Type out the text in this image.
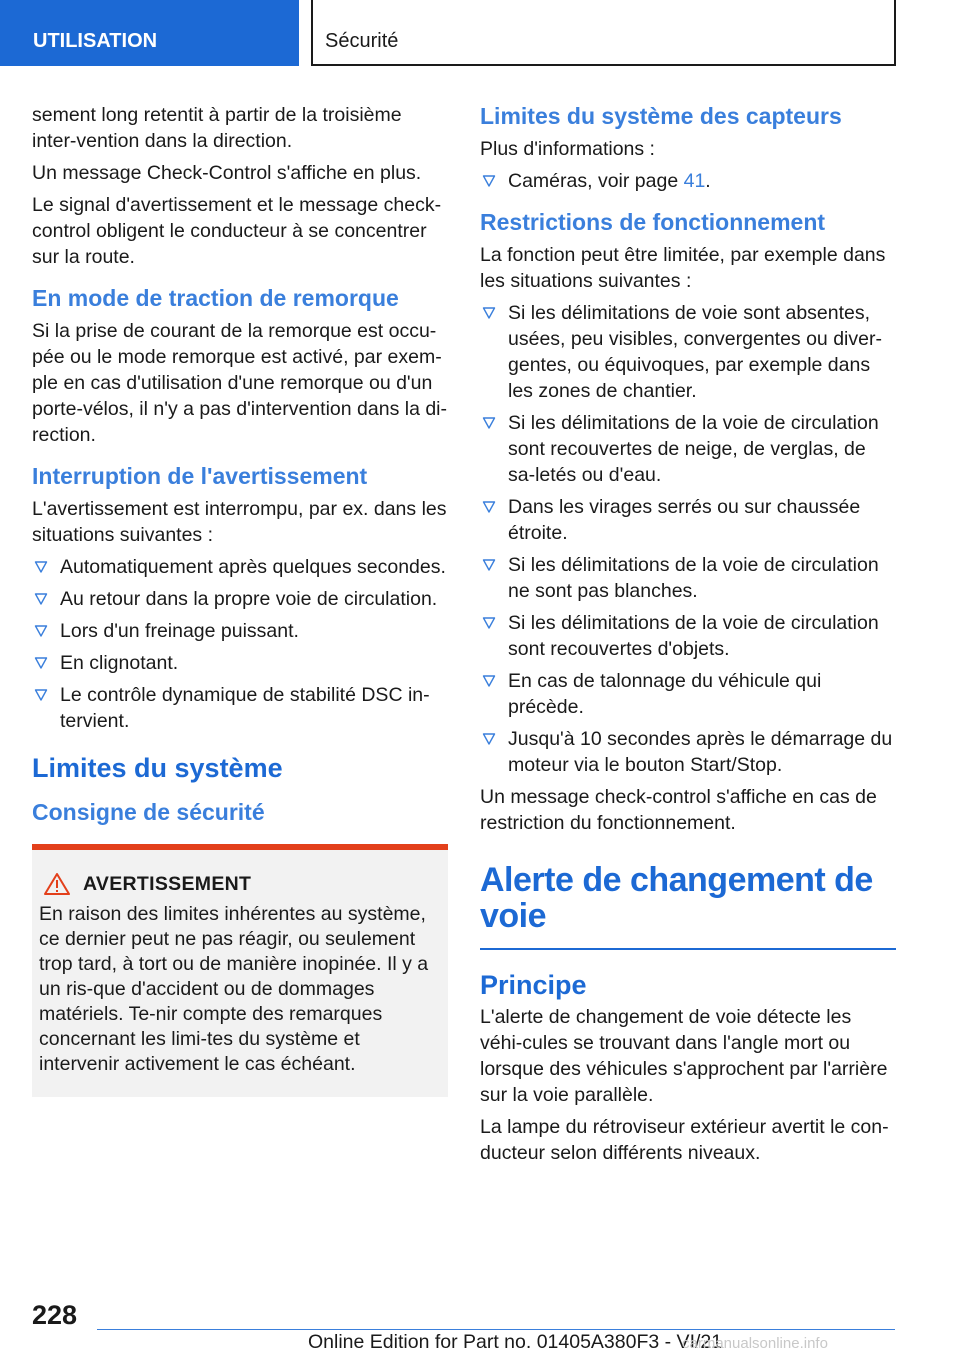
UTILISATION	Sécurité

sement long retentit à partir de la troisième inter-vention dans la direction.

Un message Check-Control s'affiche en plus.

Le signal d'avertissement et le message check-control obligent le conducteur à se concentrer sur la route.

En mode de traction de remorque

Si la prise de courant de la remorque est occu-pée ou le mode remorque est activé, par exem-ple en cas d'utilisation d'une remorque ou d'un porte-vélos, il n'y a pas d'intervention dans la di-rection.

Interruption de l'avertissement

L'avertissement est interrompu, par ex. dans les situations suivantes :

Automatiquement après quelques secondes.
Au retour dans la propre voie de circulation.
Lors d'un freinage puissant.
En clignotant.
Le contrôle dynamique de stabilité DSC in-tervient.
Limites du système
Consigne de sécurité
AVERTISSEMENT

En raison des limites inhérentes au système, ce dernier peut ne pas réagir, ou seulement trop tard, à tort ou de manière inopinée. Il y a un ris-que d'accident ou de dommages matériels. Te-nir compte des remarques concernant les limi-tes du système et intervenir activement le cas échéant.

Limites du système des capteurs

Plus d'informations :

Caméras, voir page 41.
Restrictions de fonctionnement

La fonction peut être limitée, par exemple dans les situations suivantes :

Si les délimitations de voie sont absentes, usées, peu visibles, convergentes ou diver-gentes, ou équivoques, par exemple dans les zones de chantier.
Si les délimitations de la voie de circulation sont recouvertes de neige, de verglas, de sa-letés ou d'eau.
Dans les virages serrés ou sur chaussée étroite.
Si les délimitations de la voie de circulation ne sont pas blanches.
Si les délimitations de la voie de circulation sont recouvertes d'objets.
En cas de talonnage du véhicule qui précède.
Jusqu'à 10 secondes après le démarrage du moteur via le bouton Start/Stop.

Un message check-control s'affiche en cas de restriction du fonctionnement.

Alerte de changement de voie
Principe

L'alerte de changement de voie détecte les véhi-cules se trouvant dans l'angle mort ou lorsque des véhicules s'approchent par l'arrière sur la voie parallèle.

La lampe du rétroviseur extérieur avertit le con-ducteur selon différents niveaux.

228
Online Edition for Part no. 01405A380F3 - VI/21
carmanualsonline.info
